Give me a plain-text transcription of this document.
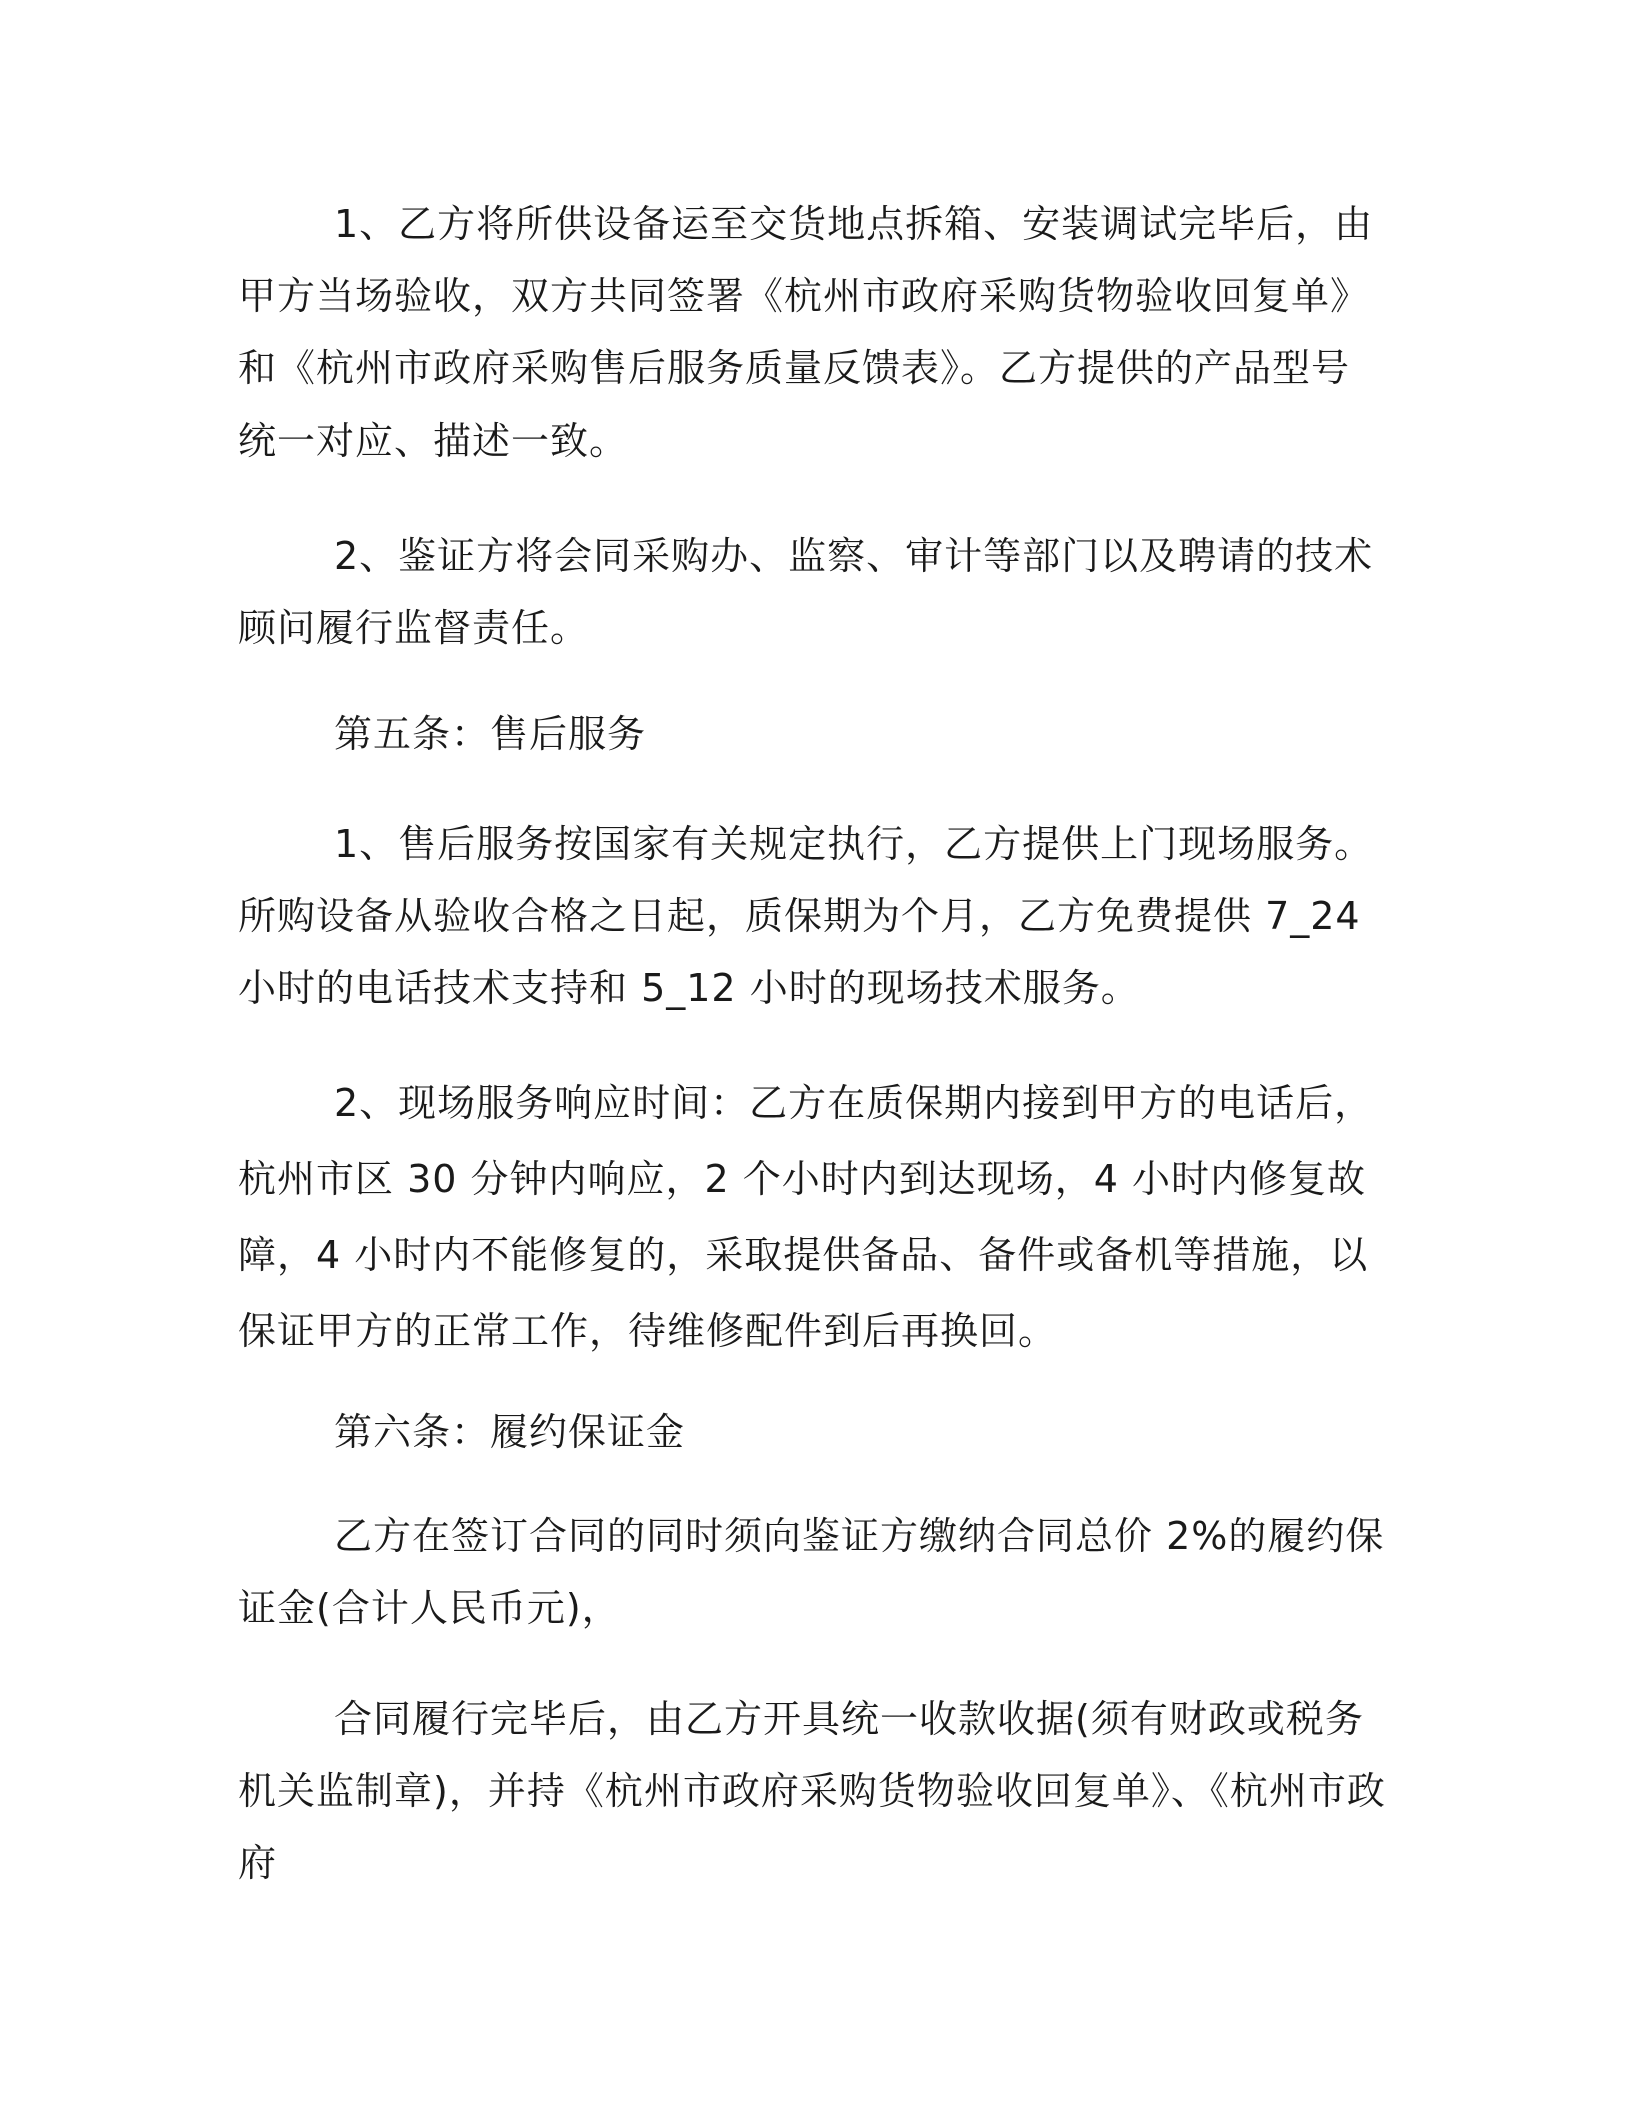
1、乙方将所供设备运至交货地点拆箱、安装调试完毕后，由甲方当场验收，双方共同签署《杭州市政府采购货物验收回复单》和《杭州市政府采购售后服务质量反馈表》。乙方提供的产品型号统一对应、描述一致。

2、鉴证方将会同采购办、监察、审计等部门以及聘请的技术顾问履行监督责任。

第五条：售后服务

1、售后服务按国家有关规定执行，乙方提供上门现场服务。所购设备从验收合格之日起，质保期为个月，乙方免费提供 7_24 小时的电话技术支持和 5_12 小时的现场技术服务。

2、现场服务响应时间：乙方在质保期内接到甲方的电话后，杭州市区 30 分钟内响应，2 个小时内到达现场，4 小时内修复故障，4 小时内不能修复的，采取提供备品、备件或备机等措施，以保证甲方的正常工作，待维修配件到后再换回。

第六条：履约保证金

乙方在签订合同的同时须向鉴证方缴纳合同总价 2%的履约保证金(合计人民币元)，

合同履行完毕后，由乙方开具统一收款收据(须有财政或税务机关监制章)，并持《杭州市政府采购货物验收回复单》、《杭州市政府
